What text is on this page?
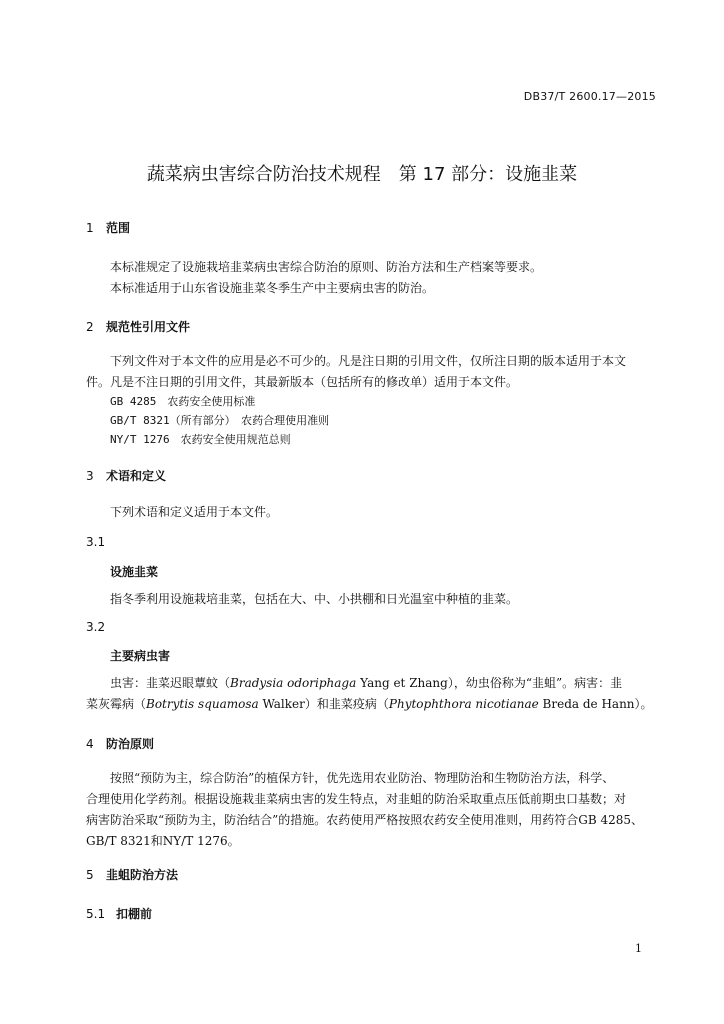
DB37/T 2600.17—2015
蔬菜病虫害综合防治技术规程　第 17 部分：设施韭菜
1 范围
本标准规定了设施栽培韭菜病虫害综合防治的原则、防治方法和生产档案等要求。
本标准适用于山东省设施韭菜冬季生产中主要病虫害的防治。
2 规范性引用文件
下列文件对于本文件的应用是必不可少的。凡是注日期的引用文件，仅所注日期的版本适用于本文
件。凡是不注日期的引用文件，其最新版本（包括所有的修改单）适用于本文件。
GB 4285　农药安全使用标准
GB/T 8321（所有部分）　农药合理使用准则
NY/T 1276　农药安全使用规范总则
3 术语和定义
下列术语和定义适用于本文件。
3.1
设施韭菜
指冬季利用设施栽培韭菜，包括在大、中、小拱棚和日光温室中种植的韭菜。
3.2
主要病虫害
虫害：韭菜迟眼蕈蚊（Bradysia odoriphaga Yang et Zhang），幼虫俗称为“韭蛆”。病害：韭
菜灰霉病（Botrytis squamosa Walker）和韭菜疫病（Phytophthora nicotianae Breda de Hann）。
4 防治原则
按照“预防为主，综合防治”的植保方针，优先选用农业防治、物理防治和生物防治方法，科学、
合理使用化学药剂。根据设施栽韭菜病虫害的发生特点，对韭蛆的防治采取重点压低前期虫口基数；对
病害防治采取“预防为主，防治结合”的措施。农药使用严格按照农药安全使用准则，用药符合GB 4285、
GB/T 8321和NY/T 1276。
5 韭蛆防治方法
5.1 扣棚前
1
